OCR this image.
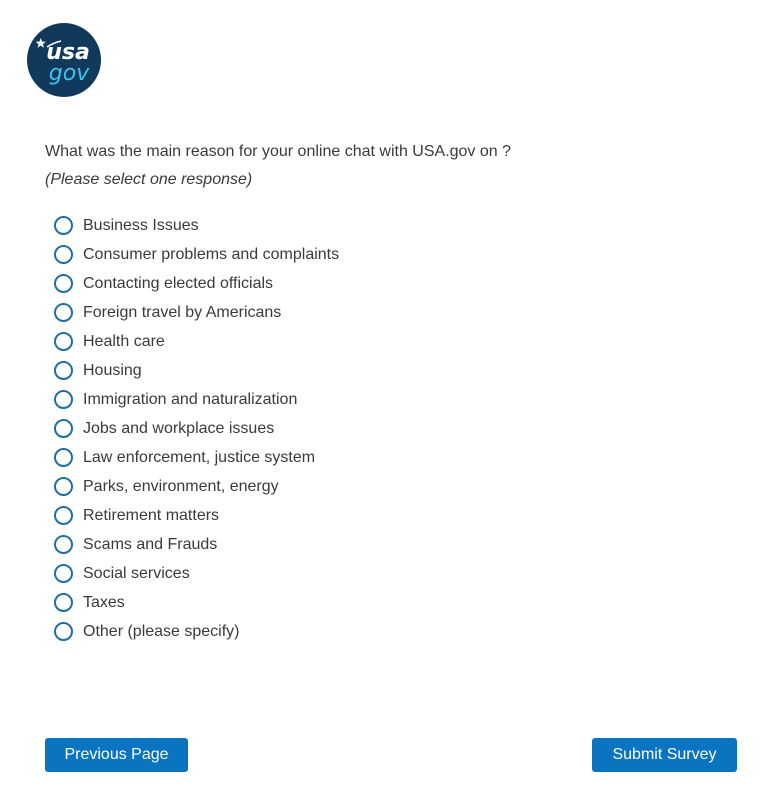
usa
gov
What was the main reason for your online chat with USA.gov on ?
(Please select one response)
Business Issues
Consumer problems and complaints
Contacting elected officials
Foreign travel by Americans
Health care
Housing
Immigration and naturalization
Jobs and workplace issues
Law enforcement, justice system
Parks, environment, energy
Retirement matters
Scams and Frauds
Social services
Taxes
Other (please specify)
Previous Page	Submit Survey
